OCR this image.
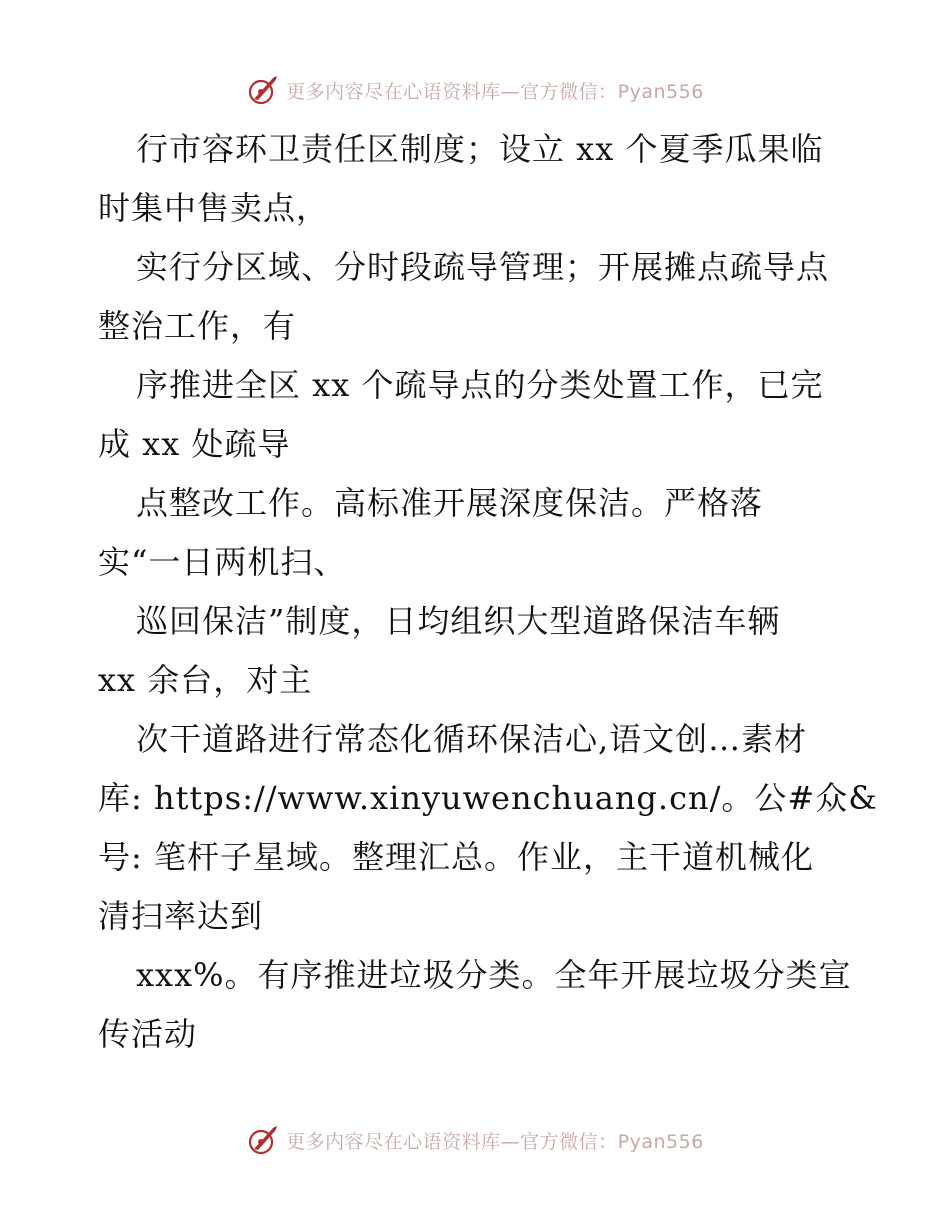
更多内容尽在心语资料库—官方微信：Pyan556
行市容环卫责任区制度；设立 xx 个夏季瓜果临
时集中售卖点，
实行分区域、分时段疏导管理；开展摊点疏导点
整治工作，有
序推进全区 xx 个疏导点的分类处置工作，已完
成 xx 处疏导
点整改工作。高标准开展深度保洁。严格落
实“一日两机扫、
巡回保洁”制度，日均组织大型道路保洁车辆
xx 余台，对主
次干道路进行常态化循环保洁心,语文创…素材
库: https://www.xinyuwenchuang.cn/。公#众&
号: 笔杆子星域。整理汇总。作业，主干道机械化
清扫率达到
xxx%。有序推进垃圾分类。全年开展垃圾分类宣
传活动
更多内容尽在心语资料库—官方微信：Pyan556
